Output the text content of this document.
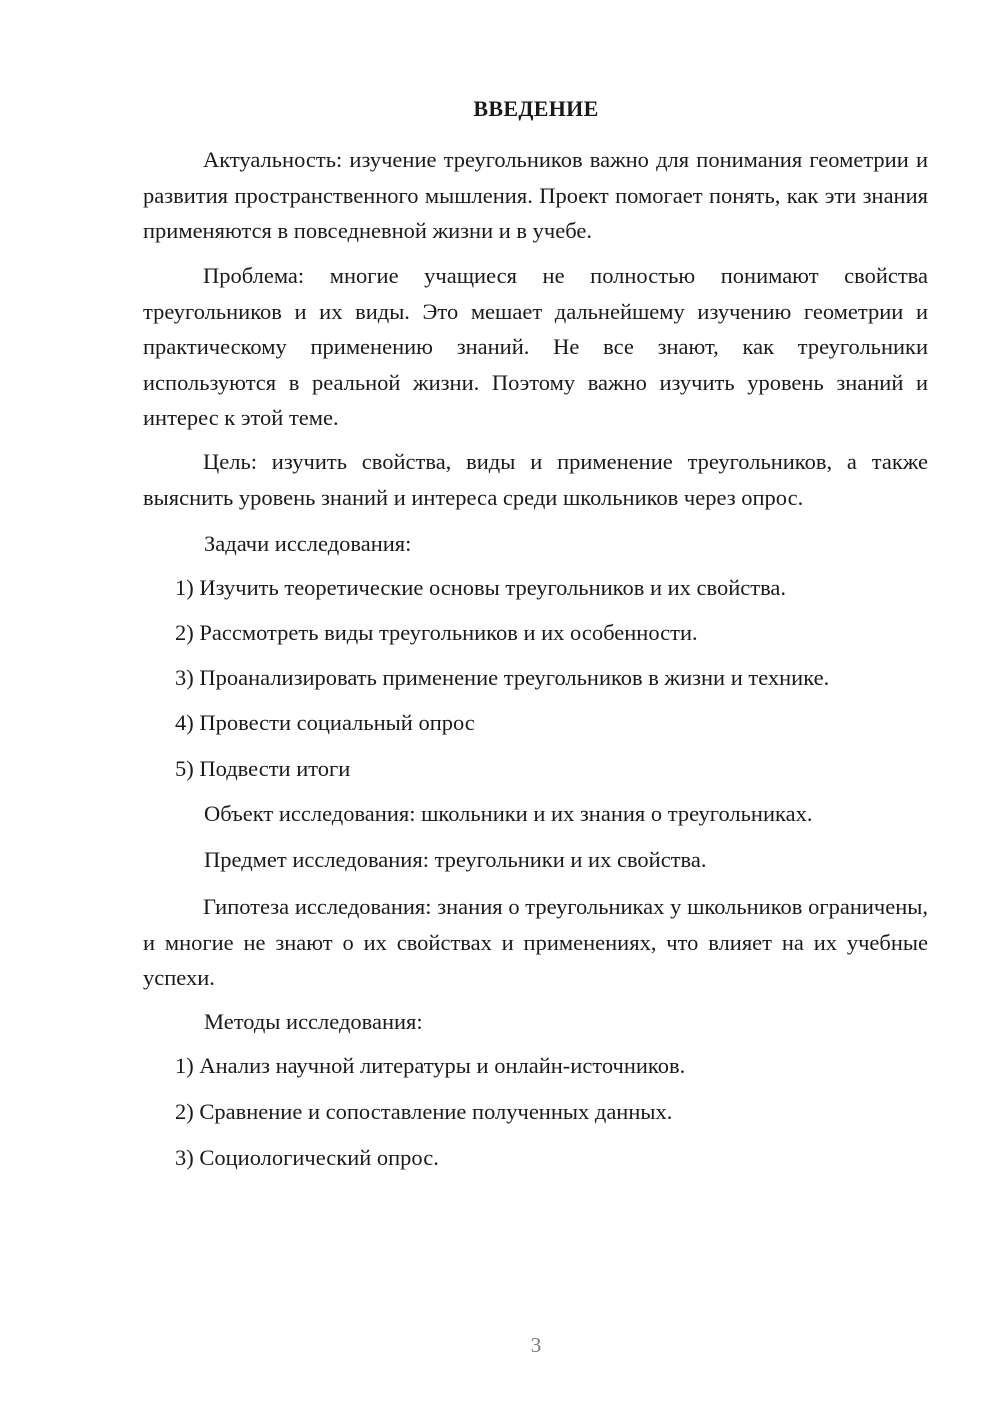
ВВЕДЕНИЕ

Актуальность: изучение треугольников важно для понимания геометрии и развития пространственного мышления. Проект помогает понять, как эти знания применяются в повседневной жизни и в учебе.

Проблема: многие учащиеся не полностью понимают свойства треугольников и их виды. Это мешает дальнейшему изучению геометрии и практическому применению знаний. Не все знают, как треугольники используются в реальной жизни. Поэтому важно изучить уровень знаний и интерес к этой теме.

Цель: изучить свойства, виды и применение треугольников, а также выяснить уровень знаний и интереса среди школьников через опрос.

Задачи исследования:
1) Изучить теоретические основы треугольников и их свойства.
2) Рассмотреть виды треугольников и их особенности.
3) Проанализировать применение треугольников в жизни и технике.
4) Провести социальный опрос
5) Подвести итоги
Объект исследования: школьники и их знания о треугольниках.
Предмет исследования: треугольники и их свойства.

Гипотеза исследования: знания о треугольниках у школьников ограничены, и многие не знают о их свойствах и применениях, что влияет на их учебные успехи.

Методы исследования:
1) Анализ научной литературы и онлайн-источников.
2) Сравнение и сопоставление полученных данных.
3) Социологический опрос.
3
